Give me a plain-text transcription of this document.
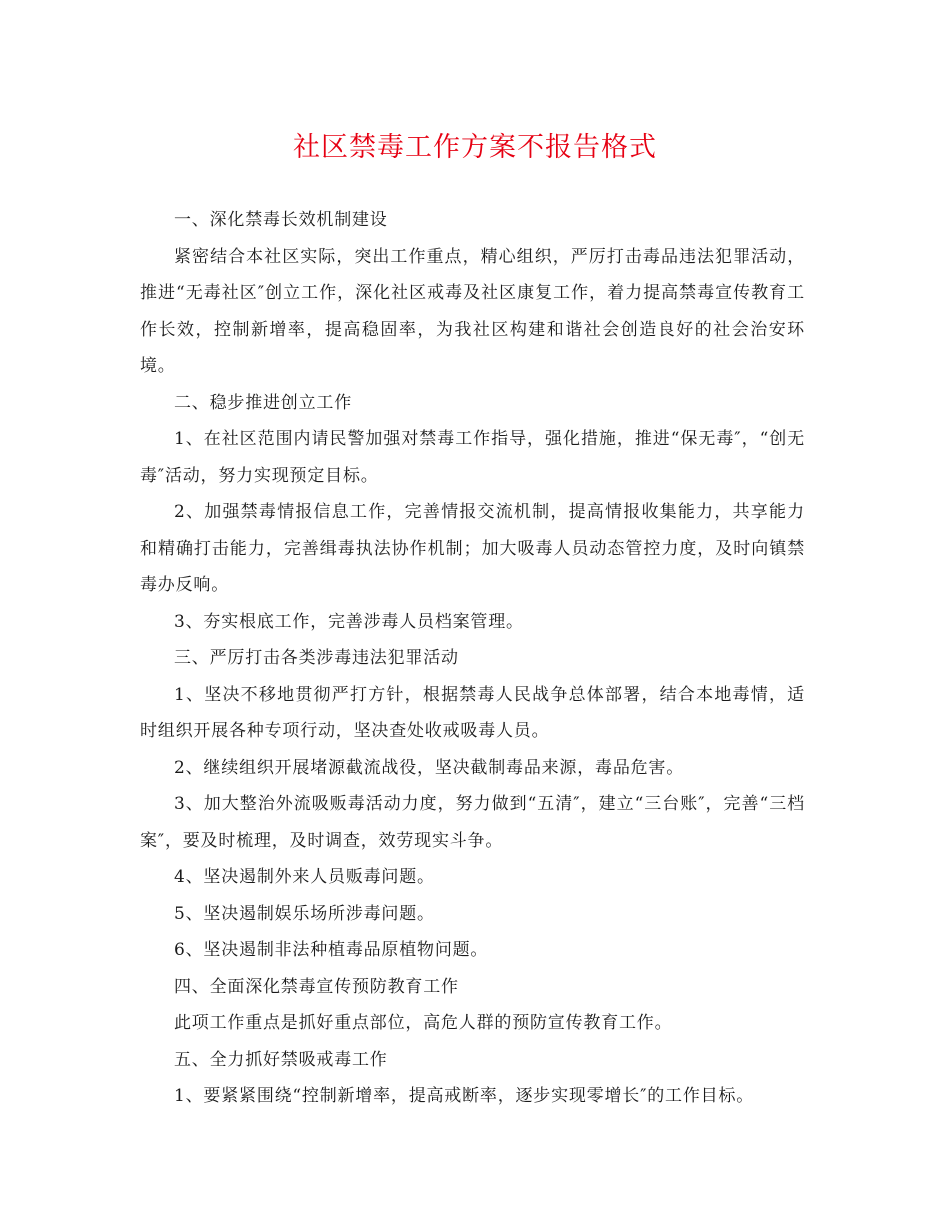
社区禁毒工作方案不报告格式

一、深化禁毒长效机制建设

紧密结合本社区实际，突出工作重点，精心组织，严厉打击毒品违法犯罪活动，推进“无毒社区″创立工作，深化社区戒毒及社区康复工作，着力提高禁毒宣传教育工作长效，控制新增率，提高稳固率，为我社区构建和谐社会创造良好的社会治安环境。

二、稳步推进创立工作

1、在社区范围内请民警加强对禁毒工作指导，强化措施，推进“保无毒″，“创无毒″活动，努力实现预定目标。

2、加强禁毒情报信息工作，完善情报交流机制，提高情报收集能力，共享能力和精确打击能力，完善缉毒执法协作机制；加大吸毒人员动态管控力度，及时向镇禁毒办反响。

3、夯实根底工作，完善涉毒人员档案管理。

三、严厉打击各类涉毒违法犯罪活动

1、坚决不移地贯彻严打方针，根据禁毒人民战争总体部署，结合本地毒情，适时组织开展各种专项行动，坚决查处收戒吸毒人员。

2、继续组织开展堵源截流战役，坚决截制毒品来源，毒品危害。

3、加大整治外流吸贩毒活动力度，努力做到“五清″，建立“三台账″，完善“三档案″，要及时梳理，及时调查，效劳现实斗争。

4、坚决遏制外来人员贩毒问题。

5、坚决遏制娱乐场所涉毒问题。

6、坚决遏制非法种植毒品原植物问题。

四、全面深化禁毒宣传预防教育工作

此项工作重点是抓好重点部位，高危人群的预防宣传教育工作。

五、全力抓好禁吸戒毒工作

1、要紧紧围绕“控制新增率，提高戒断率，逐步实现零增长″的工作目标。
